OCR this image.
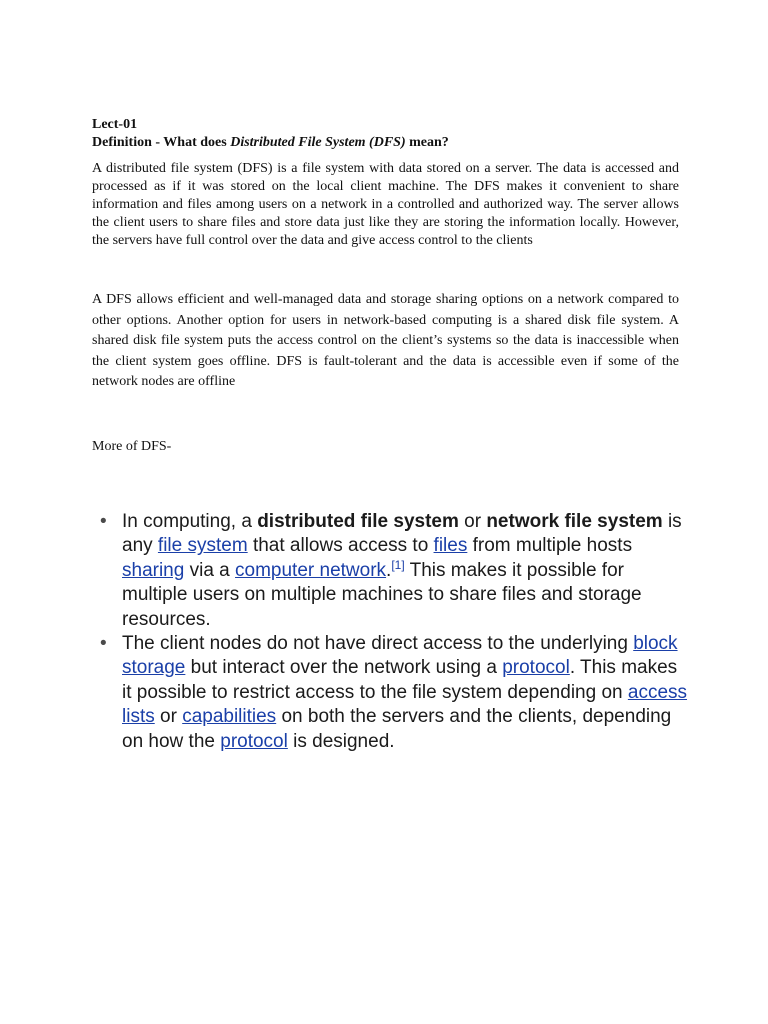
Lect-01

Definition - What does Distributed File System (DFS) mean?

A distributed file system (DFS) is a file system with data stored on a server. The data is accessed and processed as if it was stored on the local client machine. The DFS makes it convenient to share information and files among users on a network in a controlled and authorized way. The server allows the client users to share files and store data just like they are storing the information locally. However, the servers have full control over the data and give access control to the clients

A DFS allows efficient and well-managed data and storage sharing options on a network compared to other options. Another option for users in network-based computing is a shared disk file system. A shared disk file system puts the access control on the client’s systems so the data is inaccessible when the client system goes offline. DFS is fault-tolerant and the data is accessible even if some of the network nodes are offline

More of DFS-

• In computing, a distributed file system or network file system is any file system that allows access to files from multiple hosts sharing via a computer network.[1] This makes it possible for multiple users on multiple machines to share files and storage resources.
• The client nodes do not have direct access to the underlying block storage but interact over the network using a protocol. This makes it possible to restrict access to the file system depending on access lists or capabilities on both the servers and the clients, depending on how the protocol is designed.
